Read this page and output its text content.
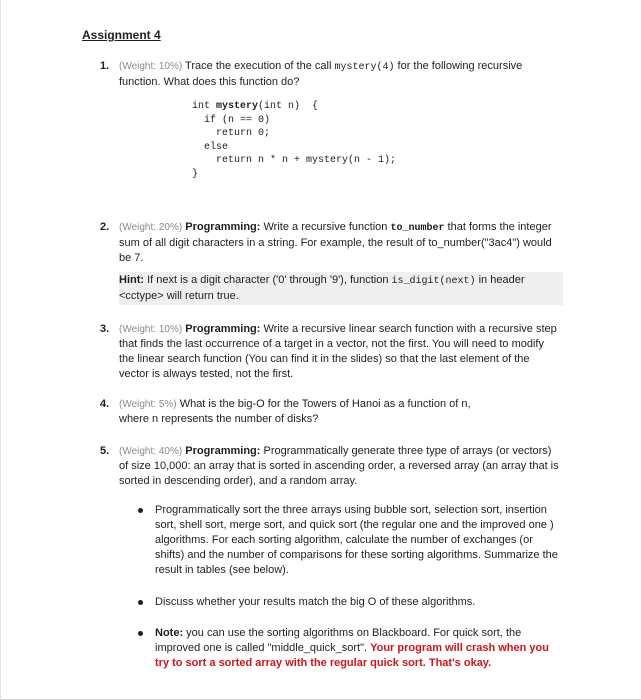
Assignment 4
1. (Weight: 10%) Trace the execution of the call mystery(4) for the following recursive function. What does this function do?
int mystery(int n)  {
if (n == 0)
return 0;
else
return n * n + mystery(n - 1);
}
2. (Weight: 20%) Programming: Write a recursive function to_number that forms the integer sum of all digit characters in a string. For example, the result of to_number("3ac4") would be 7.
Hint: If next is a digit character ('0' through '9'), function is_digit(next) in header <cctype> will return true.
3. (Weight: 10%) Programming: Write a recursive linear search function with a recursive step that finds the last occurrence of a target in a vector, not the first. You will need to modify the linear search function (You can find it in the slides) so that the last element of the vector is always tested, not the first.
4. (Weight: 5%) What is the big-O for the Towers of Hanoi as a function of n, where n represents the number of disks?
5. (Weight: 40%) Programming: Programmatically generate three type of arrays (or vectors) of size 10,000: an array that is sorted in ascending order, a reversed array (an array that is sorted in descending order), and a random array.
Programmatically sort the three arrays using bubble sort, selection sort, insertion sort, shell sort, merge sort, and quick sort (the regular one and the improved one ) algorithms. For each sorting algorithm, calculate the number of exchanges (or shifts) and the number of comparisons for these sorting algorithms. Summarize the result in tables (see below).
Discuss whether your results match the big O of these algorithms.
Note: you can use the sorting algorithms on Blackboard. For quick sort, the improved one is called "middle_quick_sort". Your program will crash when you try to sort a sorted array with the regular quick sort. That's okay.
